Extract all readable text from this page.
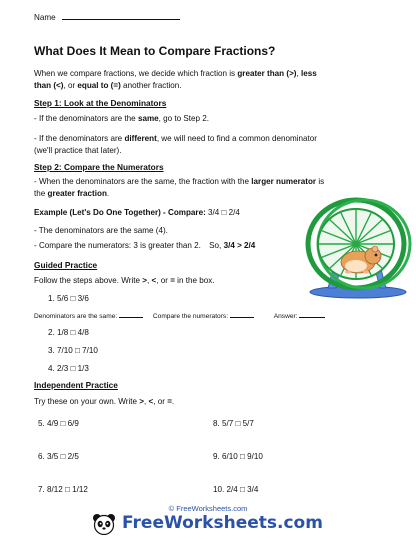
Name
What Does It Mean to Compare Fractions?
When we compare fractions, we decide which fraction is greater than (>), less
than (<), or equal to (=) another fraction.
Step 1: Look at the Denominators
- If the denominators are the same, go to Step 2.
- If the denominators are different, we will need to find a common denominator
(we'll practice that later).
Step 2: Compare the Numerators
- When the denominators are the same, the fraction with the larger numerator is
the greater fraction.
Example (Let's Do One Together) - Compare: 3/4 □ 2/4
- The denominators are the same (4).
- Compare the numerators: 3 is greater than 2. So, 3/4 > 2/4
Guided Practice
Follow the steps above. Write >, <, or = in the box.
1. 5/6 □ 3/6
Denominators are the same:	Compare the numerators:	Answer:
2. 1/8 □ 4/8
3. 7/10 □ 7/10
4. 2/3 □ 1/3
Independent Practice
Try these on your own. Write >, <, or =.
5. 4/9 □ 6/9
6. 3/5 □ 2/5
7. 8/12 □ 1/12
8. 5/7 □ 5/7
9. 6/10 □ 9/10
10. 2/4 □ 3/4
© FreeWorksheets.com
FreeWorksheets.com
